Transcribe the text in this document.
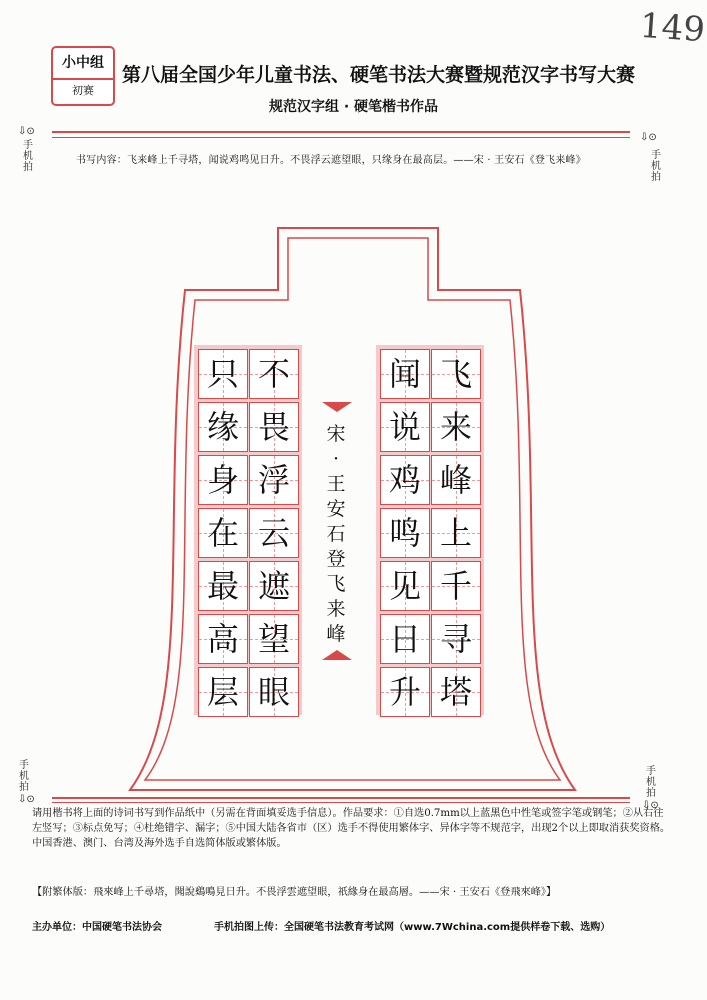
149
小中组
初赛
第八届全国少年儿童书法、硬笔书法大赛暨规范汉字书写大赛
规范汉字组 · 硬笔楷书作品
⇩⊙
手
机
拍
⇩⊙
手
机
拍
手
机
拍
⇩⊙
手
机
拍
⇩⊙
书写内容：飞来峰上千寻塔，闻说鸡鸣见日升。不畏浮云遮望眼，只缘身在最高层。——宋 · 王安石《登飞来峰》
只
缘
身
在
最
高
层
不
畏
浮
云
遮
望
眼
闻
说
鸡
鸣
见
日
升
飞
来
峰
上
千
寻
塔
宋
·
王
安
石
登
飞
来
峰
请用楷书将上面的诗词书写到作品纸中（另需在背面填妥选手信息）。作品要求：①自选0.7mm以上蓝黑色中性笔或签字笔或钢笔；②从右往左竖写；③标点免写；④杜绝错字、漏字；⑤中国大陆各省市（区）选手不得使用繁体字、异体字等不规范字，出现2个以上即取消获奖资格。
中国香港、澳门、台湾及海外选手自选简体版或繁体版。
【附繁体版：飛來峰上千尋塔，聞說鷄鳴見日升。不畏浮雲遮望眼，祇緣身在最高層。——宋 · 王安石《登飛來峰》】
主办单位：中国硬笔书法协会	手机拍图上传：全国硬笔书法教育考试网（www.7Wchina.com提供样卷下载、选购）
